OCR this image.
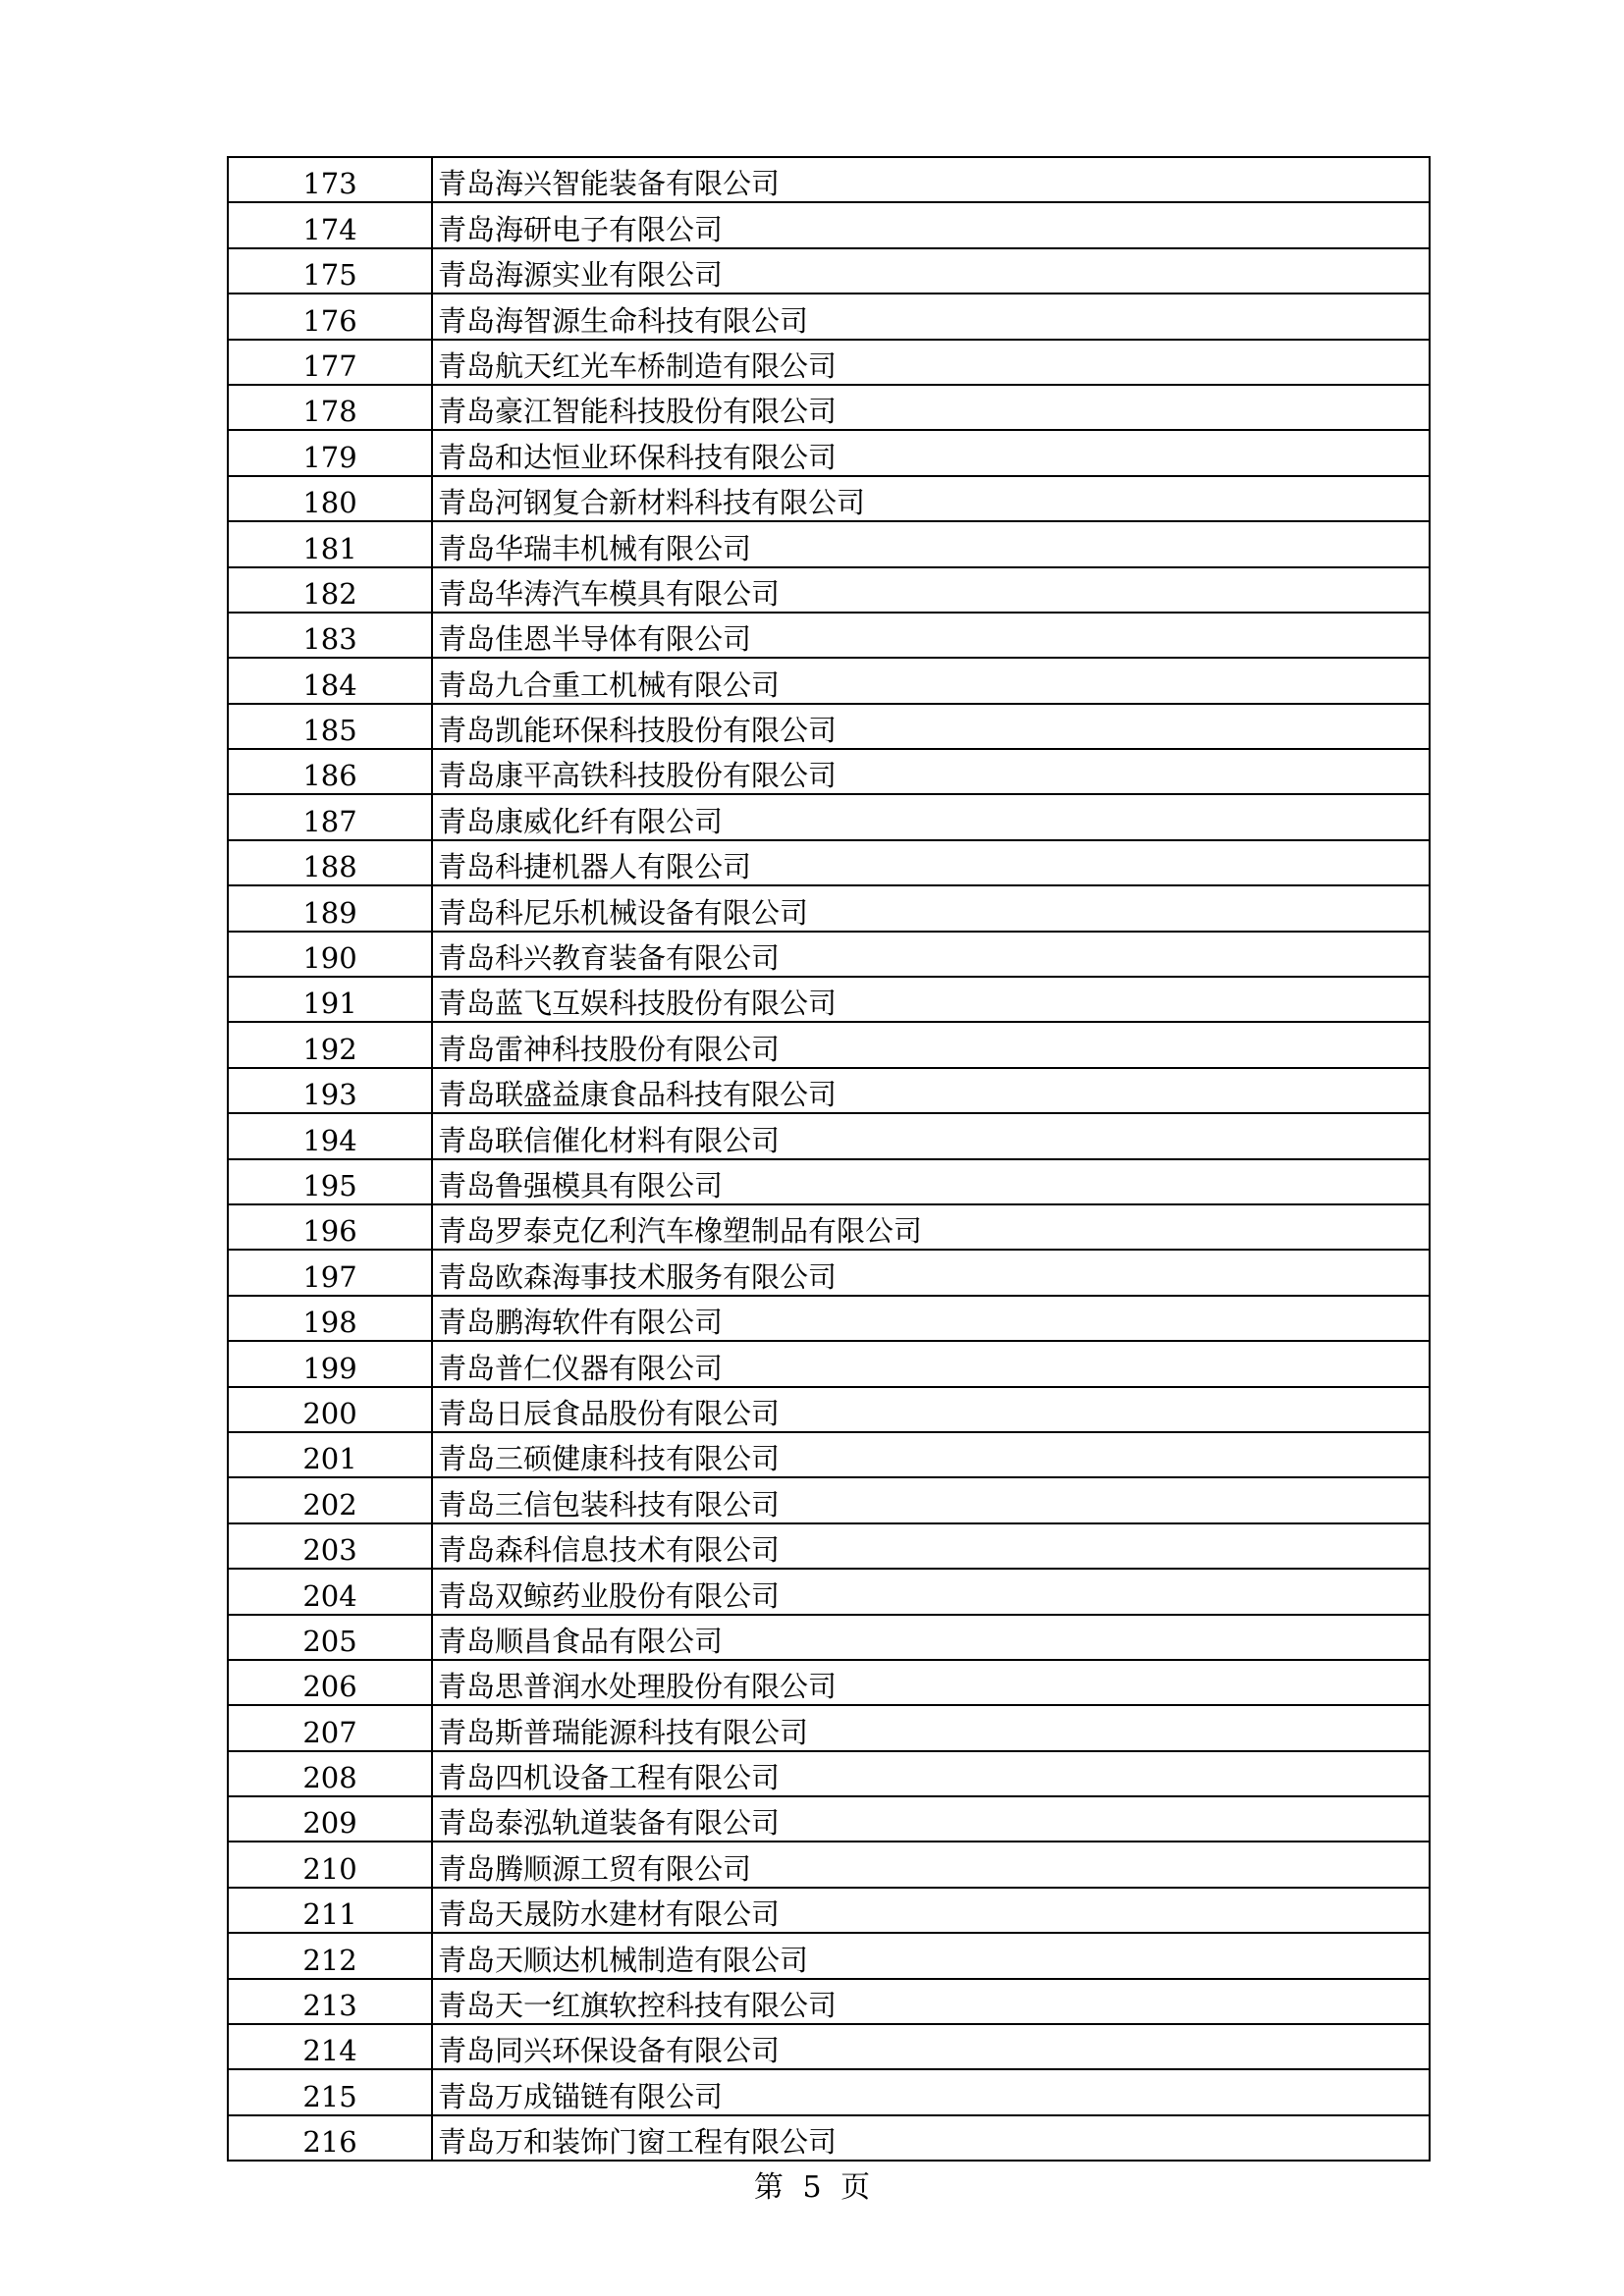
173	青岛海兴智能装备有限公司
174	青岛海研电子有限公司
175	青岛海源实业有限公司
176	青岛海智源生命科技有限公司
177	青岛航天红光车桥制造有限公司
178	青岛豪江智能科技股份有限公司
179	青岛和达恒业环保科技有限公司
180	青岛河钢复合新材料科技有限公司
181	青岛华瑞丰机械有限公司
182	青岛华涛汽车模具有限公司
183	青岛佳恩半导体有限公司
184	青岛九合重工机械有限公司
185	青岛凯能环保科技股份有限公司
186	青岛康平高铁科技股份有限公司
187	青岛康威化纤有限公司
188	青岛科捷机器人有限公司
189	青岛科尼乐机械设备有限公司
190	青岛科兴教育装备有限公司
191	青岛蓝飞互娱科技股份有限公司
192	青岛雷神科技股份有限公司
193	青岛联盛益康食品科技有限公司
194	青岛联信催化材料有限公司
195	青岛鲁强模具有限公司
196	青岛罗泰克亿利汽车橡塑制品有限公司
197	青岛欧森海事技术服务有限公司
198	青岛鹏海软件有限公司
199	青岛普仁仪器有限公司
200	青岛日辰食品股份有限公司
201	青岛三硕健康科技有限公司
202	青岛三信包装科技有限公司
203	青岛森科信息技术有限公司
204	青岛双鲸药业股份有限公司
205	青岛顺昌食品有限公司
206	青岛思普润水处理股份有限公司
207	青岛斯普瑞能源科技有限公司
208	青岛四机设备工程有限公司
209	青岛泰泓轨道装备有限公司
210	青岛腾顺源工贸有限公司
211	青岛天晟防水建材有限公司
212	青岛天顺达机械制造有限公司
213	青岛天一红旗软控科技有限公司
214	青岛同兴环保设备有限公司
215	青岛万成锚链有限公司
216	青岛万和装饰门窗工程有限公司
第 5 页
